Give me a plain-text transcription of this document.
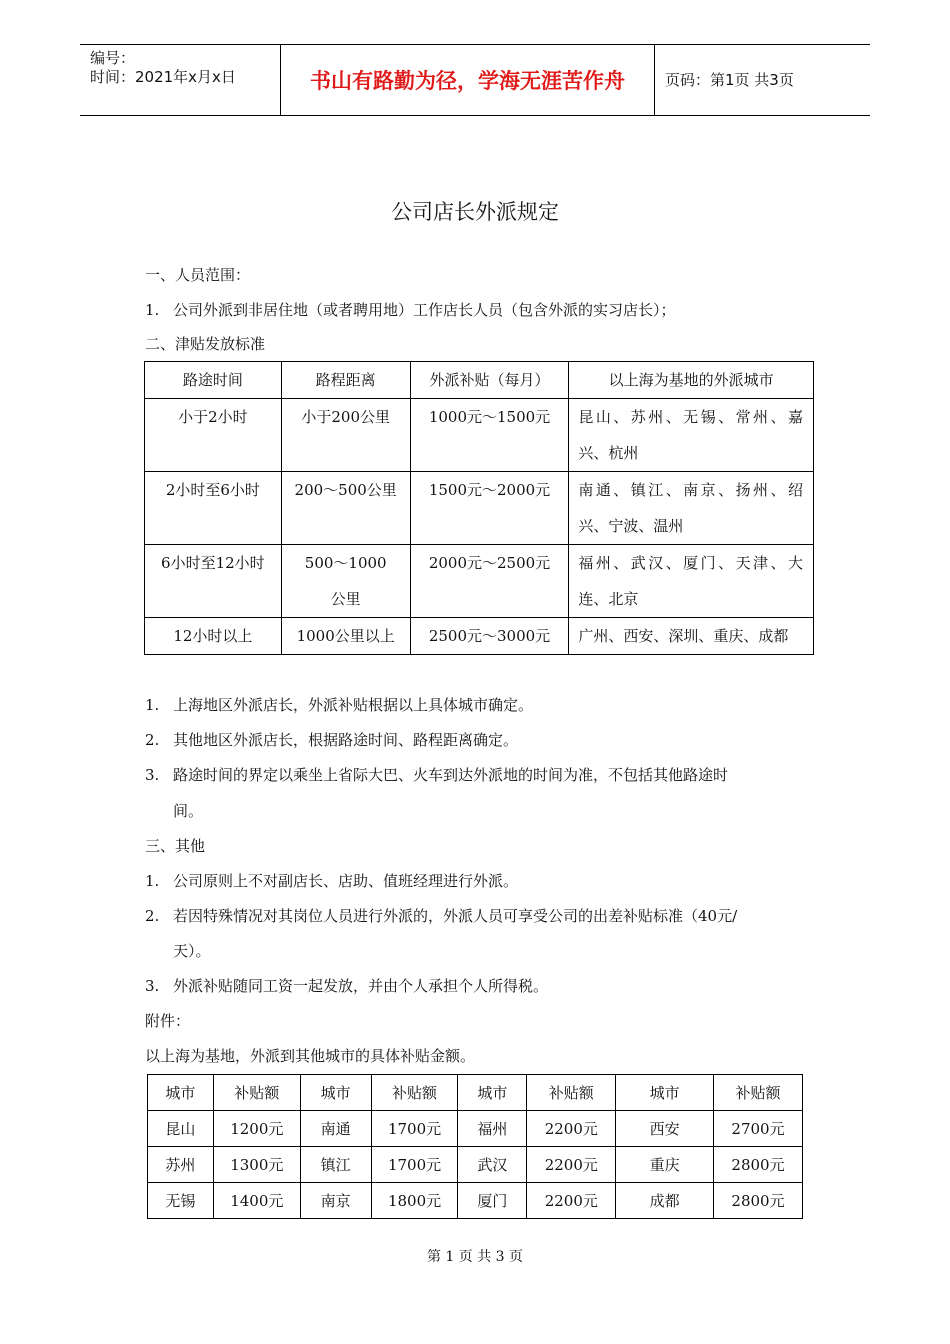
编号：
时间：2021年x月x日	书山有路勤为径，学海无涯苦作舟	页码：第1页 共3页
公司店长外派规定
一、人员范围：
1. 公司外派到非居住地（或者聘用地）工作店长人员（包含外派的实习店长）；
二、津贴发放标准
路途时间	路程距离	外派补贴（每月）	以上海为基地的外派城市
小于2小时	小于200公里	1000元～1500元	昆山、苏州、无锡、常州、嘉兴、杭州
2小时至6小时	200～500公里	1500元～2000元	南通、镇江、南京、扬州、绍兴、宁波、温州
6小时至12小时	500～1000公里	2000元～2500元	福州、武汉、厦门、天津、大连、北京
12小时以上	1000公里以上	2500元～3000元	广州、西安、深圳、重庆、成都
1. 上海地区外派店长，外派补贴根据以上具体城市确定。
2. 其他地区外派店长，根据路途时间、路程距离确定。
3. 路途时间的界定以乘坐上省际大巴、火车到达外派地的时间为准，不包括其他路途时
间。
三、其他
1. 公司原则上不对副店长、店助、值班经理进行外派。
2. 若因特殊情况对其岗位人员进行外派的，外派人员可享受公司的出差补贴标准（40元/
天）。
3. 外派补贴随同工资一起发放，并由个人承担个人所得税。
附件：
以上海为基地，外派到其他城市的具体补贴金额。
城市	补贴额	城市	补贴额	城市	补贴额	城市	补贴额
昆山	1200元	南通	1700元	福州	2200元	西安	2700元
苏州	1300元	镇江	1700元	武汉	2200元	重庆	2800元
无锡	1400元	南京	1800元	厦门	2200元	成都	2800元
第 1 页 共 3 页
